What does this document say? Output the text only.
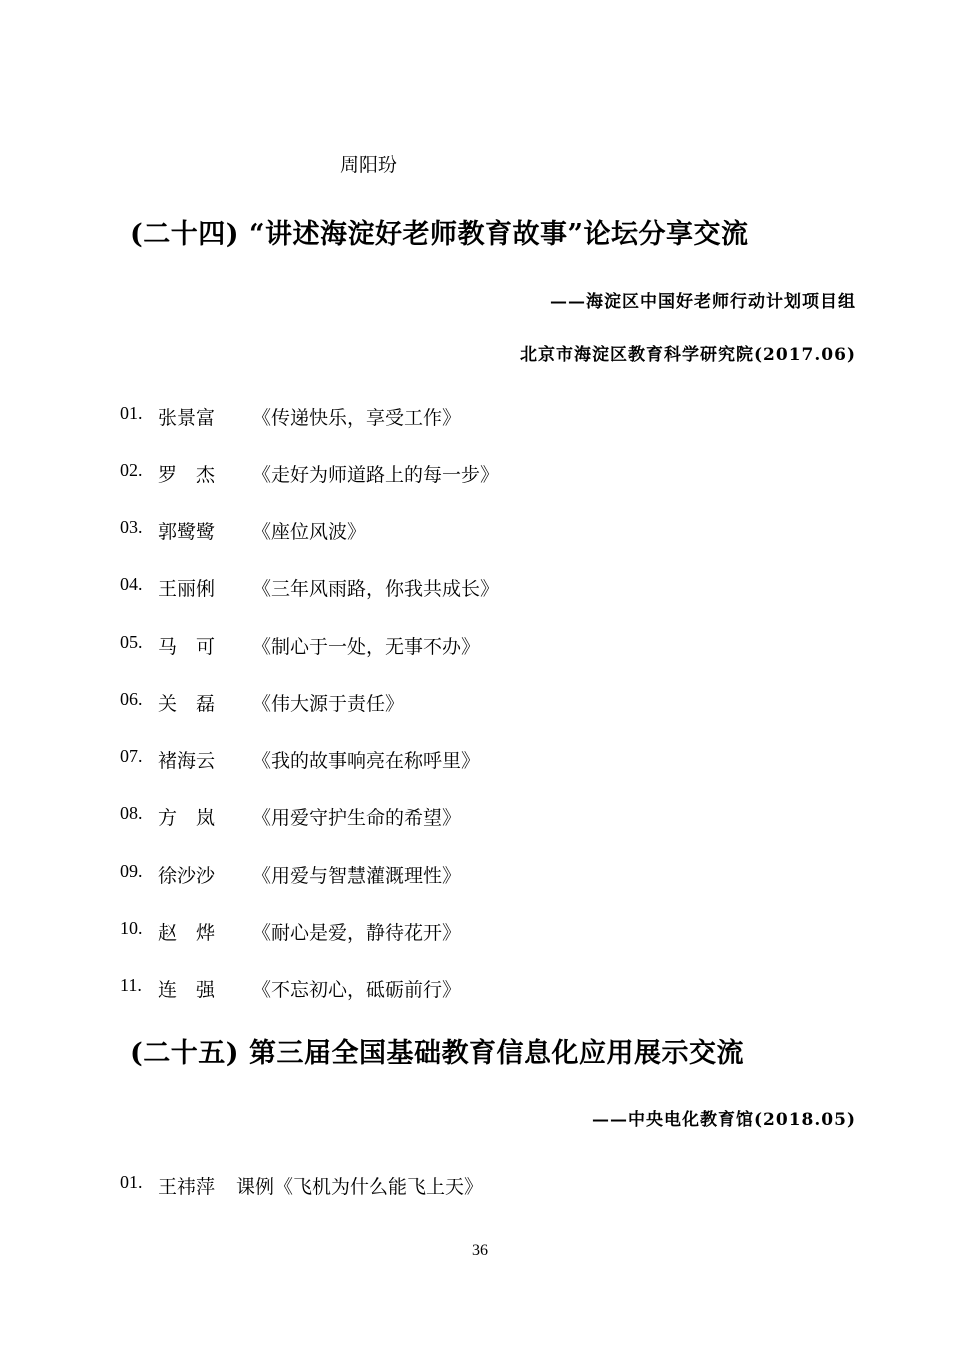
周阳玢
(二十四) “讲述海淀好老师教育故事”论坛分享交流
——海淀区中国好老师行动计划项目组
北京市海淀区教育科学研究院(2017.06)
01. 张景富 《传递快乐，享受工作》
02. 罗　杰 《走好为师道路上的每一步》
03. 郭鹭鹭 《座位风波》
04. 王丽俐 《三年风雨路，你我共成长》
05. 马　可 《制心于一处，无事不办》
06. 关　磊 《伟大源于责任》
07. 褚海云 《我的故事响亮在称呼里》
08. 方　岚 《用爱守护生命的希望》
09. 徐沙沙 《用爱与智慧灌溉理性》
10. 赵　烨 《耐心是爱，静待花开》
11. 连　强 《不忘初心，砥砺前行》
(二十五) 第三届全国基础教育信息化应用展示交流
——中央电化教育馆(2018.05)
01. 王祎萍 课例《飞机为什么能飞上天》
36
